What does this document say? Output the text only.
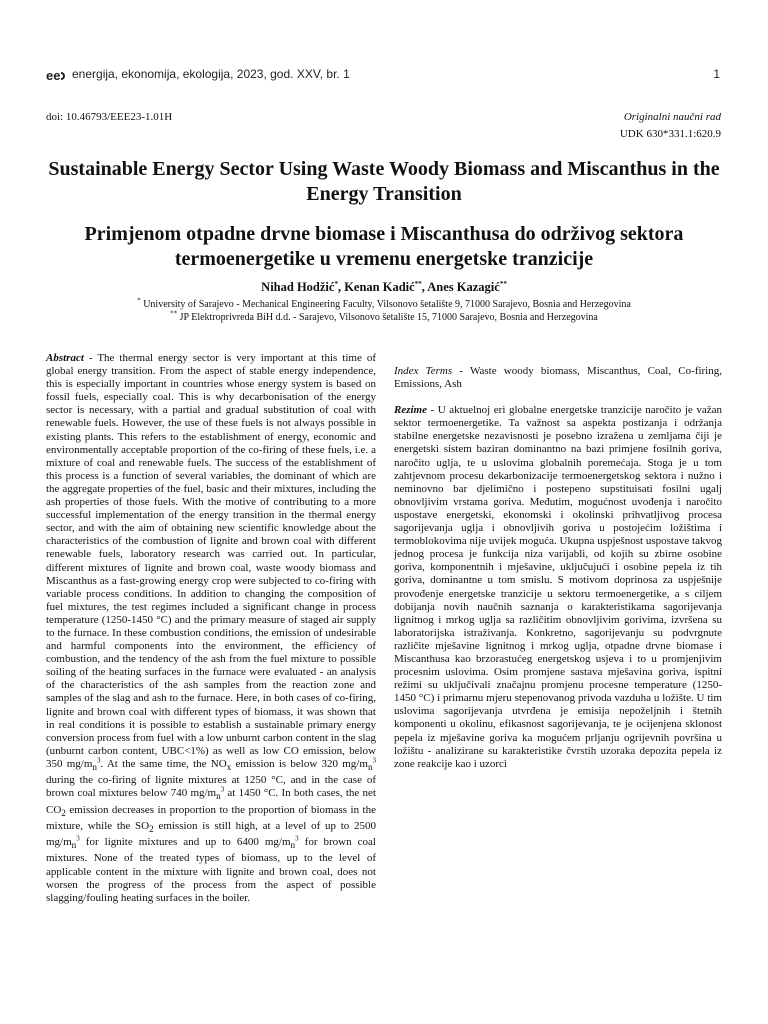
ee energija, ekonomija, ekologija, 2023, god. XXV, br. 1	1
doi: 10.46793/EEE23-1.01H	Originalni naučni rad
UDK 630*331.1:620.9
Sustainable Energy Sector Using Waste Woody Biomass and Miscanthus in the Energy Transition
Primjenom otpadne drvne biomase i Miscanthusa do održivog sektora termoenergetike u vremenu energetske tranzicije
Nihad Hodžić*, Kenan Kadić**, Anes Kazagić**
* University of Sarajevo - Mechanical Engineering Faculty, Vilsonovo šetalište 9, 71000 Sarajevo, Bosnia and Herzegovina
** JP Elektroprivreda BiH d.d. - Sarajevo, Vilsonovo šetalište 15, 71000 Sarajevo, Bosnia and Herzegovina

Abstract - The thermal energy sector is very important at this time of global energy transition. From the aspect of stable energy independence, this is especially important in countries whose energy system is based on fossil fuels, especially coal. This is why decarbonisation of the energy sector is necessary, with a partial and gradual substitution of coal with renewable fuels. However, the use of these fuels is not always possible in existing plants. This refers to the establishment of energy, economic and environmentally acceptable proportion of the co-firing of these fuels, i.e. a mixture of coal and renewable fuels. The success of the establishment of this process is a function of several variables, the dominant of which are the aggregate properties of the fuel, basic and their mixtures, including the ash properties of those fuels. With the motive of contributing to a more successful implementation of the energy transition in the thermal energy sector, and with the aim of obtaining new scientific knowledge about the characteristics of the combustion of lignite and brown coal with different renewable fuels, laboratory research was carried out. In particular, different mixtures of lignite and brown coal, waste woody biomass and Miscanthus as a fast-growing energy crop were subjected to co-firing with variable process conditions. In addition to changing the composition of fuel mixtures, the test regimes included a significant change in process temperature (1250-1450 °C) and the primary measure of staged air supply to the furnace. In these combustion conditions, the emission of undesirable and harmful components into the environment, the efficiency of combustion, and the tendency of the ash from the fuel mixture to possible soiling of the heating surfaces in the furnace were evaluated - an analysis of the characteristics of the ash samples from the reaction zone and samples of the slag and ash to the furnace. Here, in both cases of co-firing, lignite and brown coal with different types of biomass, it was shown that in real conditions it is possible to establish a sustainable primary energy conversion process from fuel with a low unburnt carbon content in the slag (unburnt carbon content, UBC<1%) as well as low CO emission, below 350 $mg/m_n^3$. At the same time, the $NO_x$ emission is below 320 $mg/m_n^3$ during the co-firing of lignite mixtures at 1250 °C, and in the case of brown coal mixtures below 740 $mg/m_n^3$ at 1450 °C. In both cases, the net $CO_2$ emission decreases in proportion to the proportion of biomass in the mixture, while the $SO_2$ emission is still high, at a level of up to 2500 $mg/m_n^3$ for lignite mixtures and up to 6400 $mg/m_n^3$ for brown coal mixtures. None of the treated types of biomass, up to the level of applicable content in the mixture with lignite and brown coal, does not worsen the progress of the process from the aspect of possible slagging/fouling heating surfaces in the boiler.

Index Terms - Waste woody biomass, Miscanthus, Coal, Co-firing, Emissions, Ash

Rezime - U aktuelnoj eri globalne energetske tranzicije naročito je važan sektor termoenergetike. Ta važnost sa aspekta postizanja i održanja stabilne energetske nezavisnosti je posebno izražena u zemljama čiji je energetski sistem baziran dominantno na bazi primjene fosilnih goriva, naročito uglja, te u uslovima globalnih poremećaja. Stoga je u tom zahtjevnom procesu dekarbonizacije termoenergetskog sektora i nužno i neminovno bar djelimično i postepeno supstituisati fosilni ugalj obnovljivim vrstama goriva. Međutim, mogućnost uvođenja i naročito uspostave energetski, ekonomski i okolinski prihvatljivog procesa sagorijevanja uglja i obnovljivih goriva u postojećim ložištima i termoblokovima nije uvijek moguća. Ukupna uspješnost uspostave takvog jednog procesa je funkcija niza varijabli, od kojih su zbirne osobine goriva, komponentnih i mješavine, uključujući i osobine pepela iz tih goriva, dominantne u tom smislu. S motivom doprinosa za uspješnije provođenje energetske tranzicije u sektoru termoenergetike, a s ciljem dobijanja novih naučnih saznanja o karakteristikama sagorijevanja lignitnog i mrkog uglja sa različitim obnovljivim gorivima, izvršena su laboratorijska istraživanja. Konkretno, sagorijevanju su podvrgnute različite mješavine lignitnog i mrkog uglja, otpadne drvne biomase i Miscanthusa kao brzorastućeg energetskog usjeva i to u promjenjivim procesnim uslovima. Osim promjene sastava mješavina goriva, ispitni režimi su uključivali značajnu promjenu procesne temperature (1250-1450 °C) i primarnu mjeru stepenovanog privoda vazduha u ložište. U tim uslovima sagorijevanja utvrđena je emisija nepoželjnih i štetnih komponenti u okolinu, efikasnost sagorijevanja, te je ocijenjena sklonost pepela iz mješavine goriva ka mogućem prljanju ogrijevnih površina u ložištu - analizirane su karakteristike čvrstih uzoraka depozita pepela iz zone reakcije kao i uzorci
